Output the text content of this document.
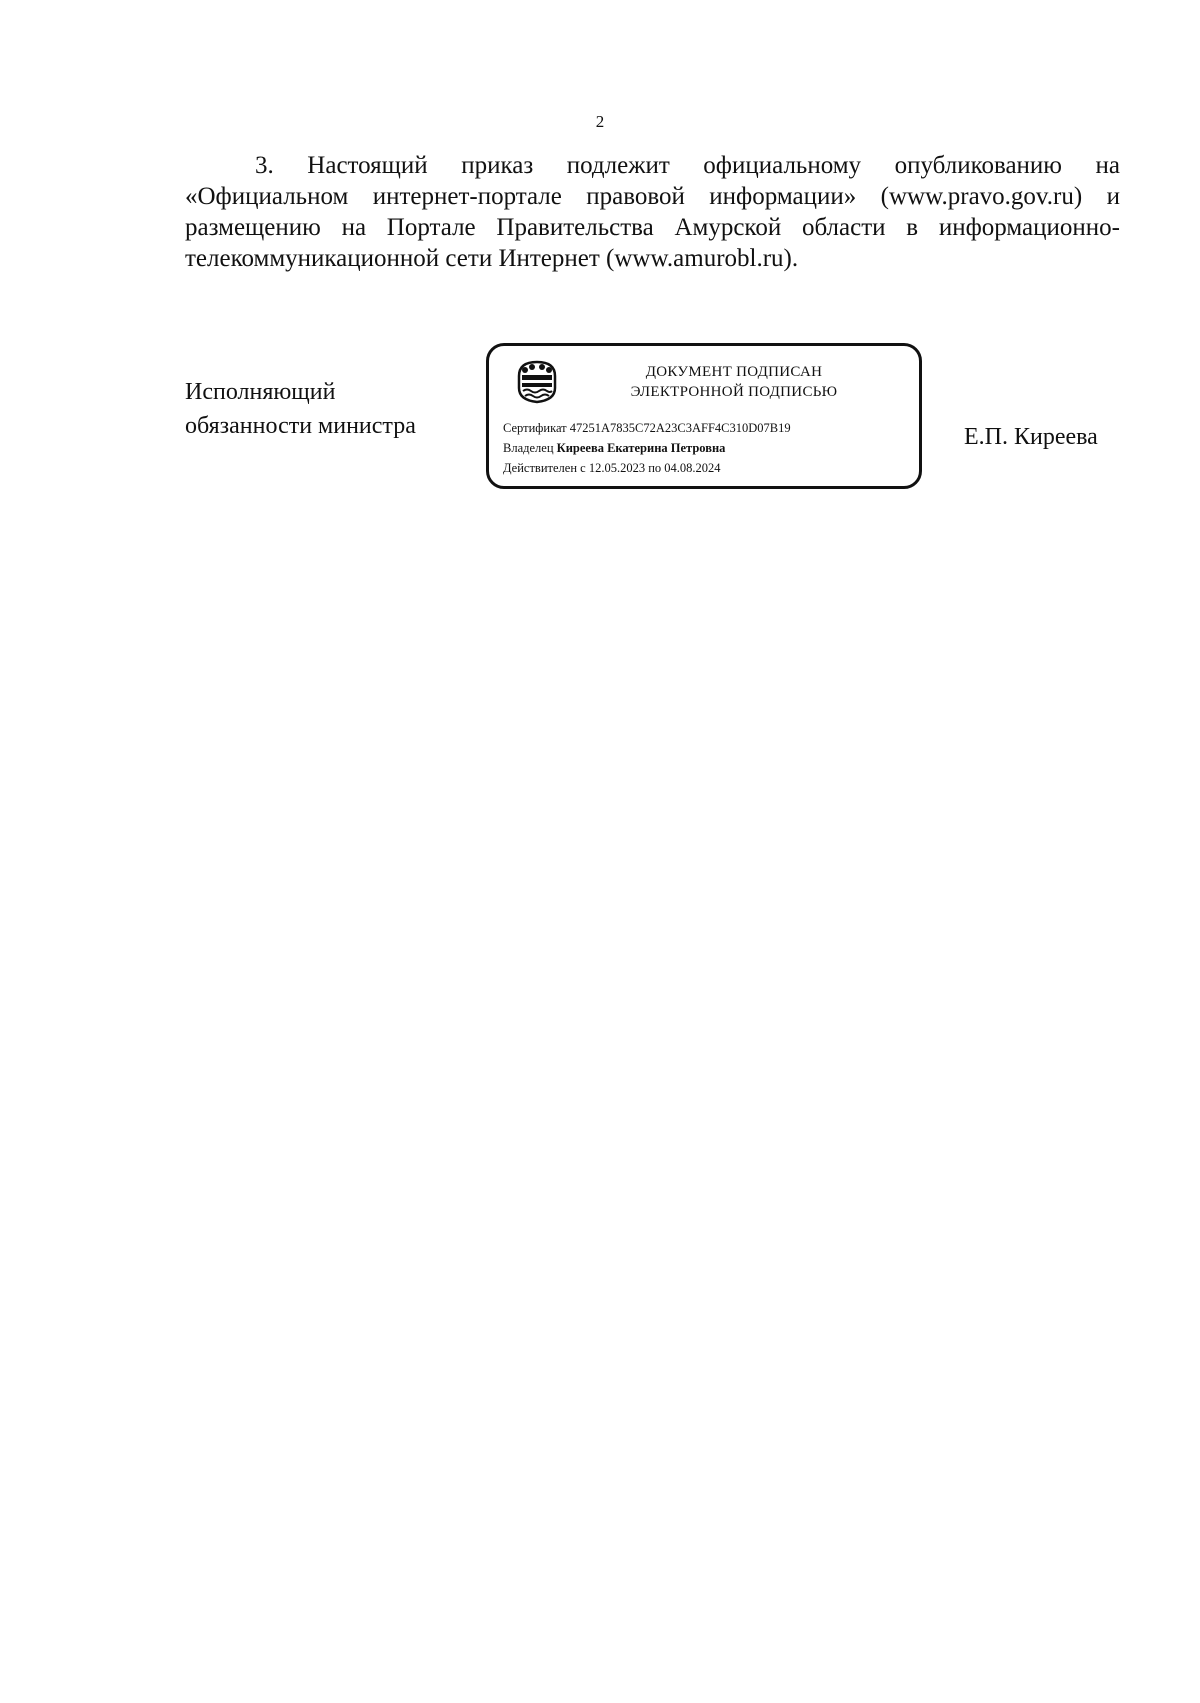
2
3. Настоящий приказ подлежит официальному опубликованию на «Официальном интернет-портале правовой информации» (www.pravo.gov.ru) и размещению на Портале Правительства Амурской области в информационно-телекоммуникационной сети Интернет (www.amurobl.ru).
Исполняющий
обязанности министра
ДОКУМЕНТ ПОДПИСАН
ЭЛЕКТРОННОЙ ПОДПИСЬЮ
Сертификат 47251A7835C72A23C3AFF4C310D07B19
Владелец Киреева Екатерина Петровна
Действителен с 12.05.2023 по 04.08.2024
Е.П. Киреева
